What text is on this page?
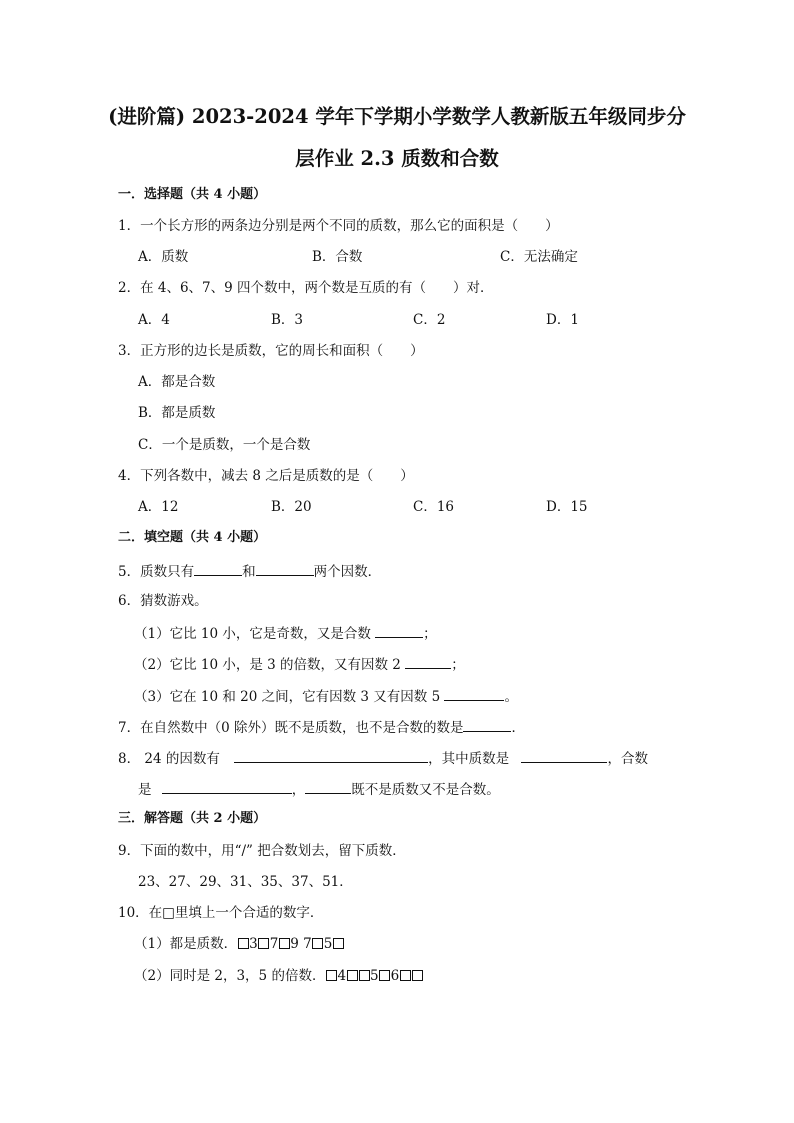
(进阶篇) 2023-2024 学年下学期小学数学人教新版五年级同步分
层作业 2.3 质数和合数
一．选择题（共 4 小题）
1．一个长方形的两条边分别是两个不同的质数，那么它的面积是（　　）
A．质数	B．合数	C．无法确定
2．在 4、6、7、9 四个数中，两个数是互质的有（　　）对．
A．4	B．3	C．2	D．1
3．正方形的边长是质数，它的周长和面积（　　）
A．都是合数
B．都是质数
C．一个是质数，一个是合数
4．下列各数中，减去 8 之后是质数的是（　　）
A．12	B．20	C．16	D．15
二．填空题（共 4 小题）
5．质数只有	和	两个因数．
6．猜数游戏。
（1）它比 10 小，它是奇数，又是合数	；
（2）它比 10 小，是 3 的倍数，又有因数 2	；
（3）它在 10 和 20 之间，它有因数 3 又有因数 5	。
7．在自然数中（0 除外）既不是质数，也不是合数的数是	．
8． 24 的因数有	，其中质数是	，合数
是	，	既不是质数又不是合数。
三．解答题（共 2 小题）
9．下面的数中，用“/” 把合数划去，留下质数．
23、27、29、31、35、37、51．
10．在□里填上一个合适的数字．
（1）都是质数． 3 7 9 7 5
（2）同时是 2，3，5 的倍数． 4 5 6
